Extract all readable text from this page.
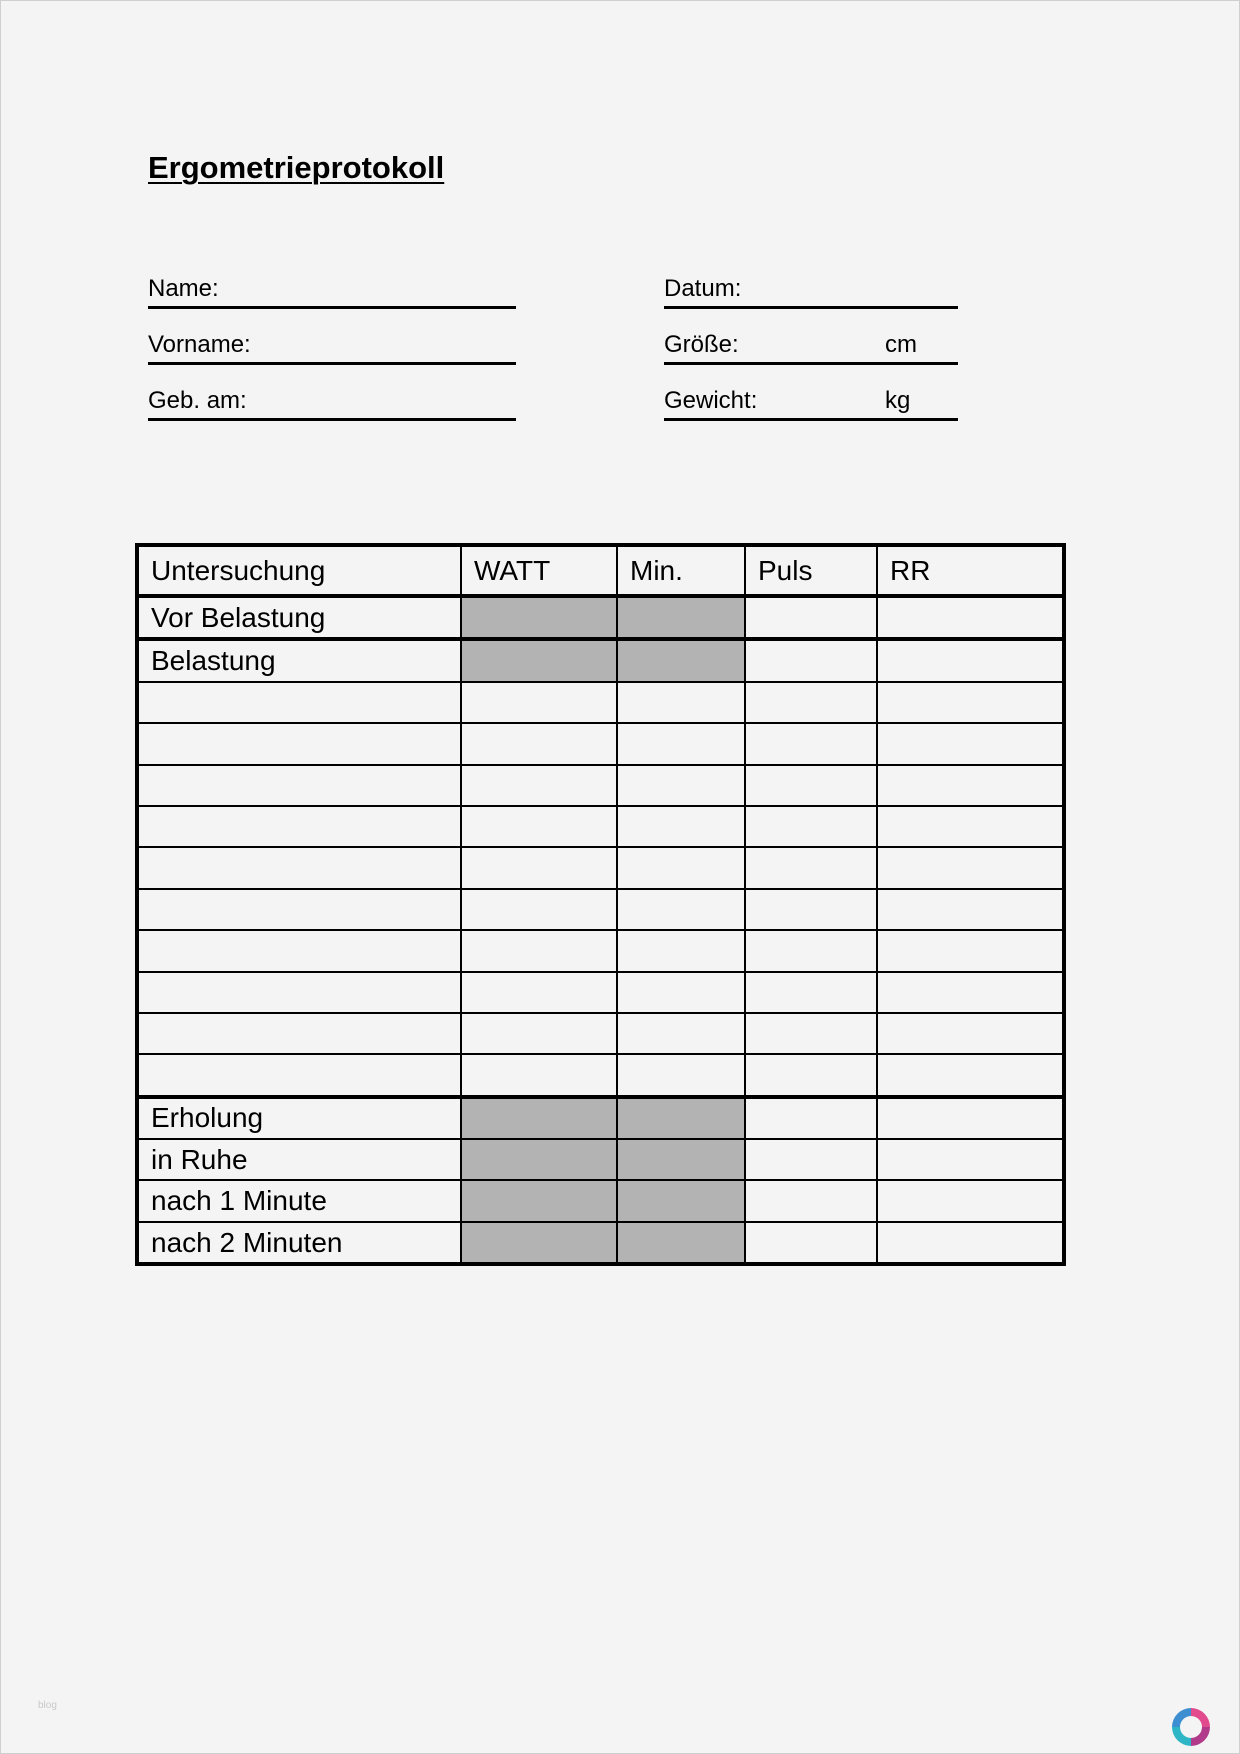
Ergometrieprotokoll
Name:
Vorname:
Geb. am:
Datum:
Größe:	cm
Gewicht:	kg
Untersuchung	WATT	Min.	Puls	RR
Vor Belastung				
Belastung				

Erholung				
in Ruhe				
nach 1 Minute				
nach 2 Minuten				
blog
